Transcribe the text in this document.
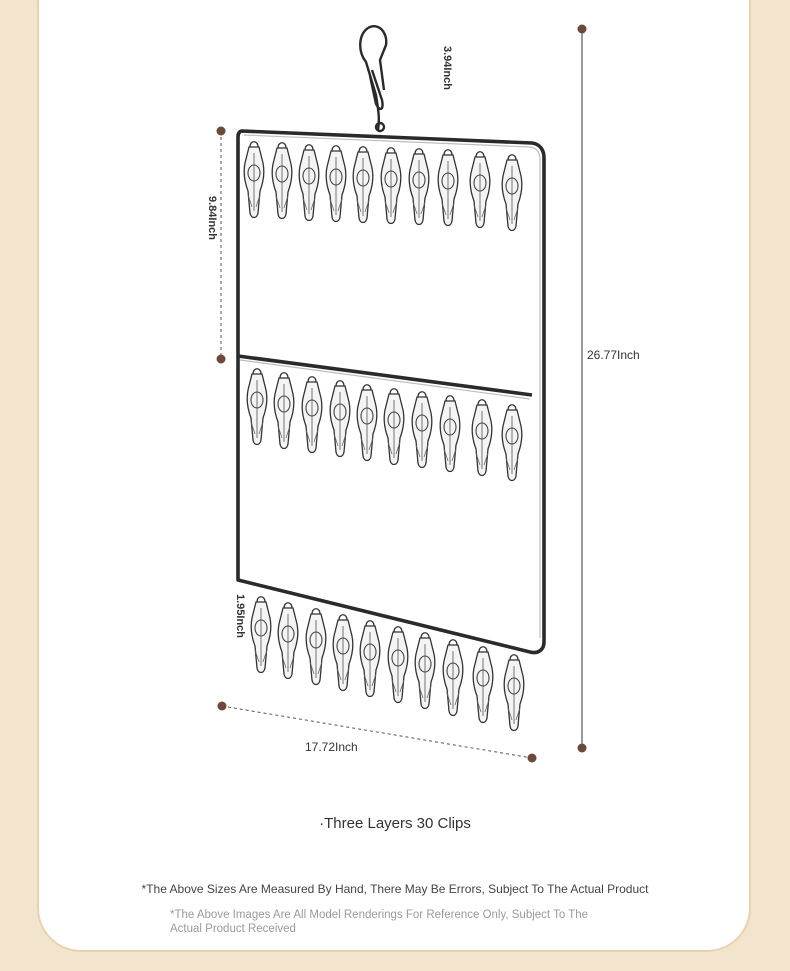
3.94Inch
9.84Inch
26.77Inch
1.95Inch
17.72Inch
·Three Layers 30 Clips
*The Above Sizes Are Measured By Hand, There May Be Errors, Subject To The Actual Product
*The Above Images Are All Model Renderings For Reference Only, Subject To The Actual Product Received
